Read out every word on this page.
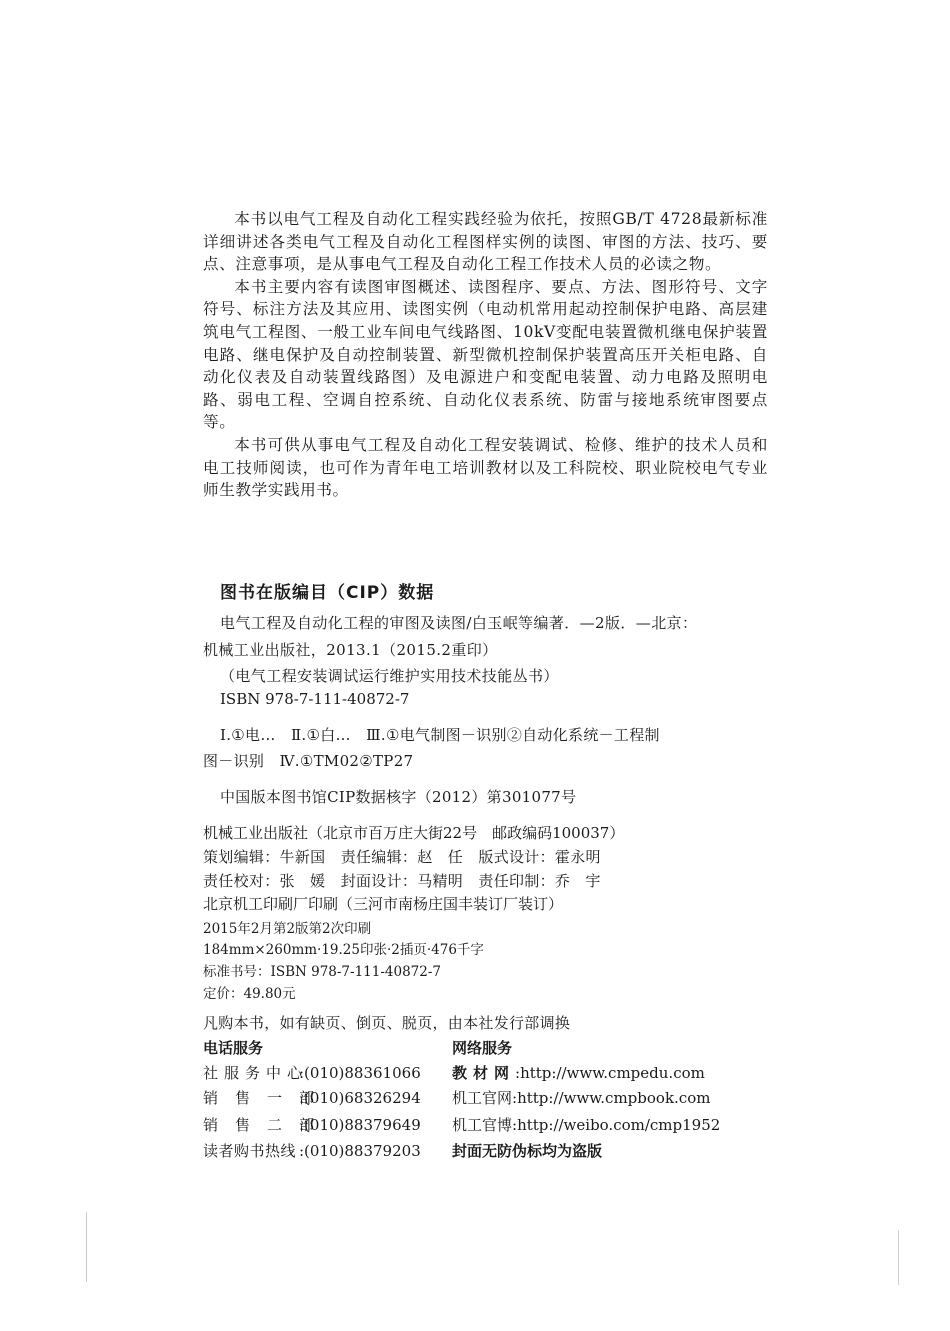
本书以电气工程及自动化工程实践经验为依托，按照GB/T 4728最新标准详细讲述各类电气工程及自动化工程图样实例的读图、审图的方法、技巧、要点、注意事项，是从事电气工程及自动化工程工作技术人员的必读之物。

本书主要内容有读图审图概述、读图程序、要点、方法、图形符号、文字符号、标注方法及其应用、读图实例（电动机常用起动控制保护电路、高层建筑电气工程图、一般工业车间电气线路图、10kV变配电装置微机继电保护装置电路、继电保护及自动控制装置、新型微机控制保护装置高压开关柜电路、自动化仪表及自动装置线路图）及电源进户和变配电装置、动力电路及照明电路、弱电工程、空调自控系统、自动化仪表系统、防雷与接地系统审图要点等。

本书可供从事电气工程及自动化工程安装调试、检修、维护的技术人员和电工技师阅读，也可作为青年电工培训教材以及工科院校、职业院校电气专业师生教学实践用书。

图书在版编目（CIP）数据
电气工程及自动化工程的审图及读图/白玉岷等编著．—2版．—北京：
机械工业出版社，2013.1（2015.2重印）
（电气工程安装调试运行维护实用技术技能丛书）
ISBN 978-7-111-40872-7
Ⅰ.①电…　Ⅱ.①白…　Ⅲ.①电气制图－识别②自动化系统－工程制
图－识别　Ⅳ.①TM02②TP27
中国版本图书馆CIP数据核字（2012）第301077号
机械工业出版社（北京市百万庄大街22号　邮政编码100037）
策划编辑：牛新国　责任编辑：赵　任　版式设计：霍永明
责任校对：张　媛　封面设计：马精明　责任印制：乔　宇
北京机工印刷厂印刷（三河市南杨庄国丰装订厂装订）
2015年2月第2版第2次印刷
184mm×260mm·19.25印张·2插页·476千字
标准书号：ISBN 978-7-111-40872-7
定价：49.80元
凡购本书，如有缺页、倒页、脱页，由本社发行部调换
电话服务	网络服务
社服务中心:(010)88361066
销售一部:(010)68326294
销售二部:(010)88379649
读者购书热线 :(010)88379203
教材网:http://www.cmpedu.com
机工官网:http://www.cmpbook.com
机工官博:http://weibo.com/cmp1952
封面无防伪标均为盗版
